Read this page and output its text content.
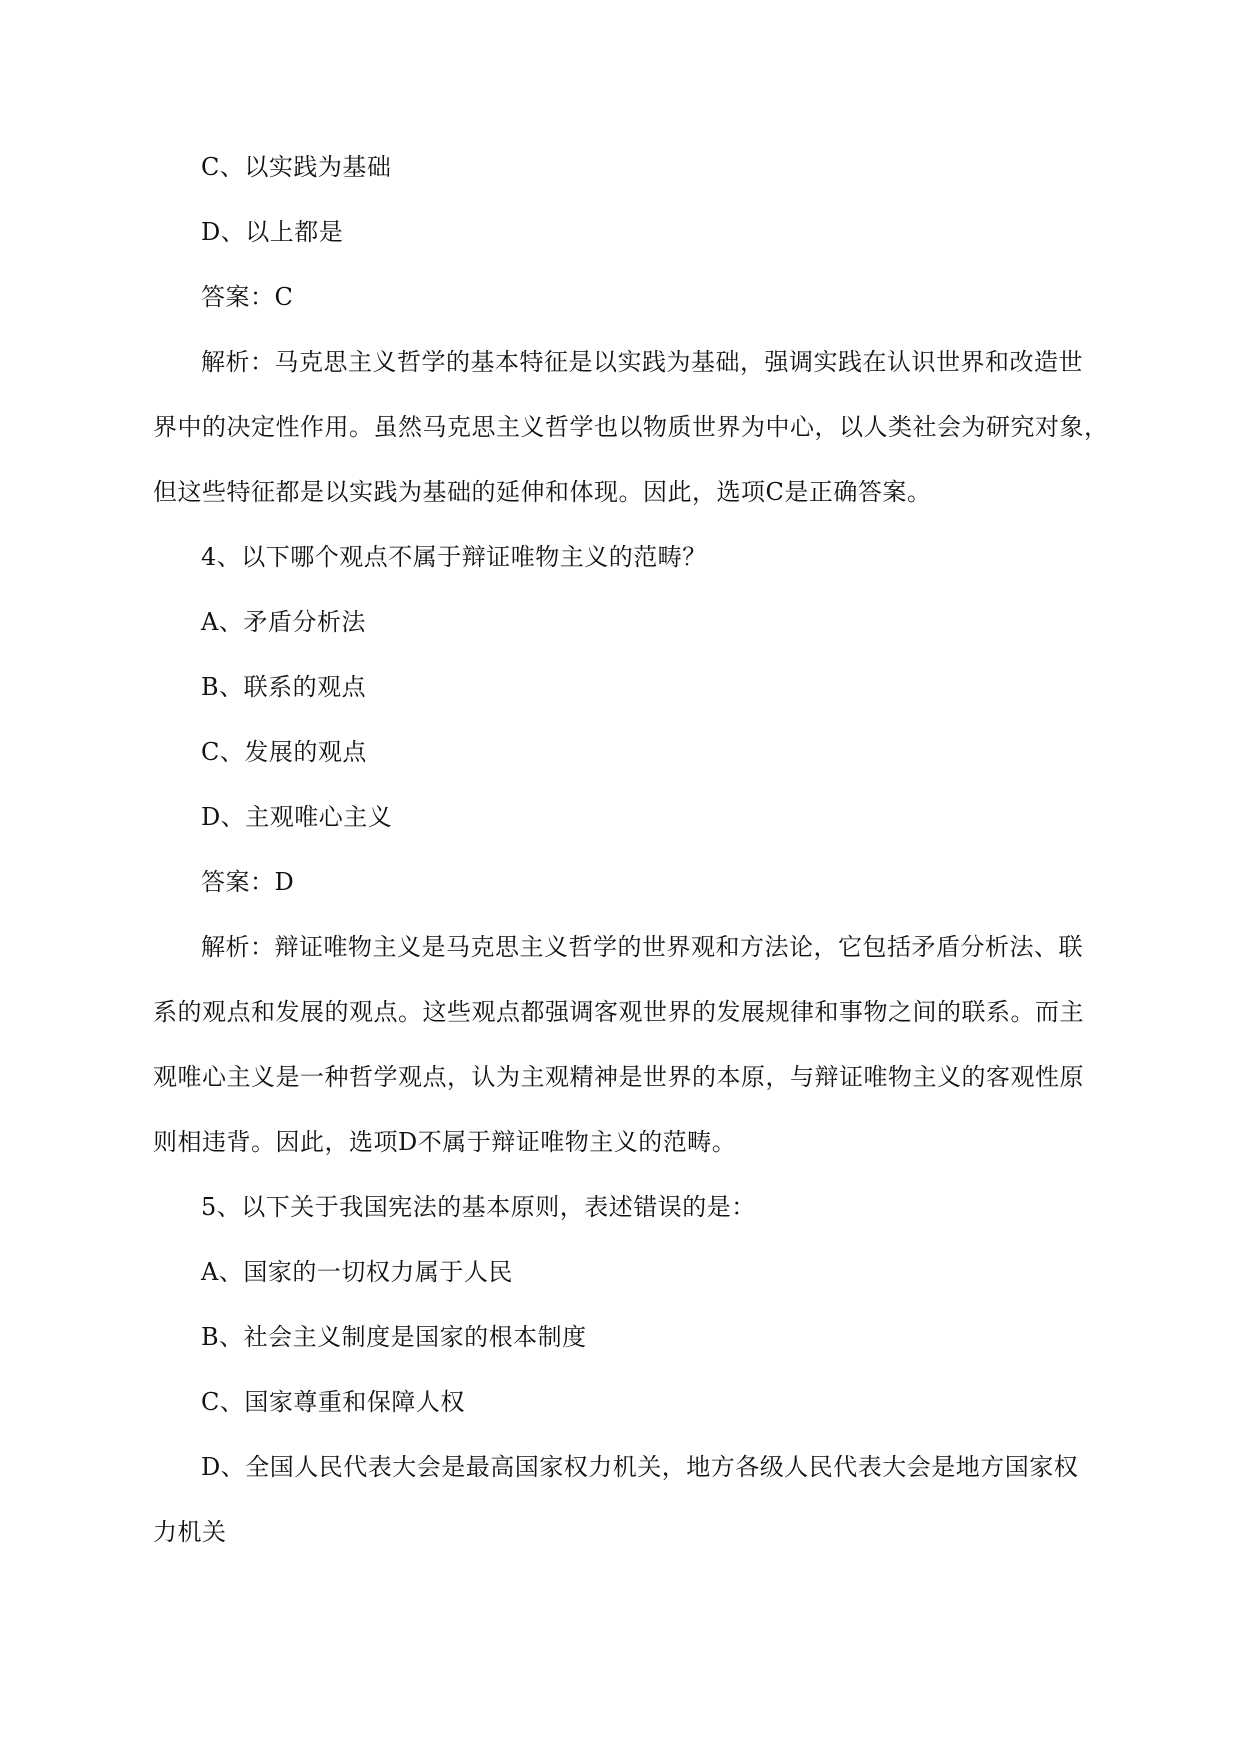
C、以实践为基础
D、以上都是
答案：C
解析：马克思主义哲学的基本特征是以实践为基础，强调实践在认识世界和改造世
界中的决定性作用。虽然马克思主义哲学也以物质世界为中心，以人类社会为研究对象，
但这些特征都是以实践为基础的延伸和体现。因此，选项C是正确答案。
4、以下哪个观点不属于辩证唯物主义的范畴？
A、矛盾分析法
B、联系的观点
C、发展的观点
D、主观唯心主义
答案：D
解析：辩证唯物主义是马克思主义哲学的世界观和方法论，它包括矛盾分析法、联
系的观点和发展的观点。这些观点都强调客观世界的发展规律和事物之间的联系。而主
观唯心主义是一种哲学观点，认为主观精神是世界的本原，与辩证唯物主义的客观性原
则相违背。因此，选项D不属于辩证唯物主义的范畴。
5、以下关于我国宪法的基本原则，表述错误的是：
A、国家的一切权力属于人民
B、社会主义制度是国家的根本制度
C、国家尊重和保障人权
D、全国人民代表大会是最高国家权力机关，地方各级人民代表大会是地方国家权
力机关
